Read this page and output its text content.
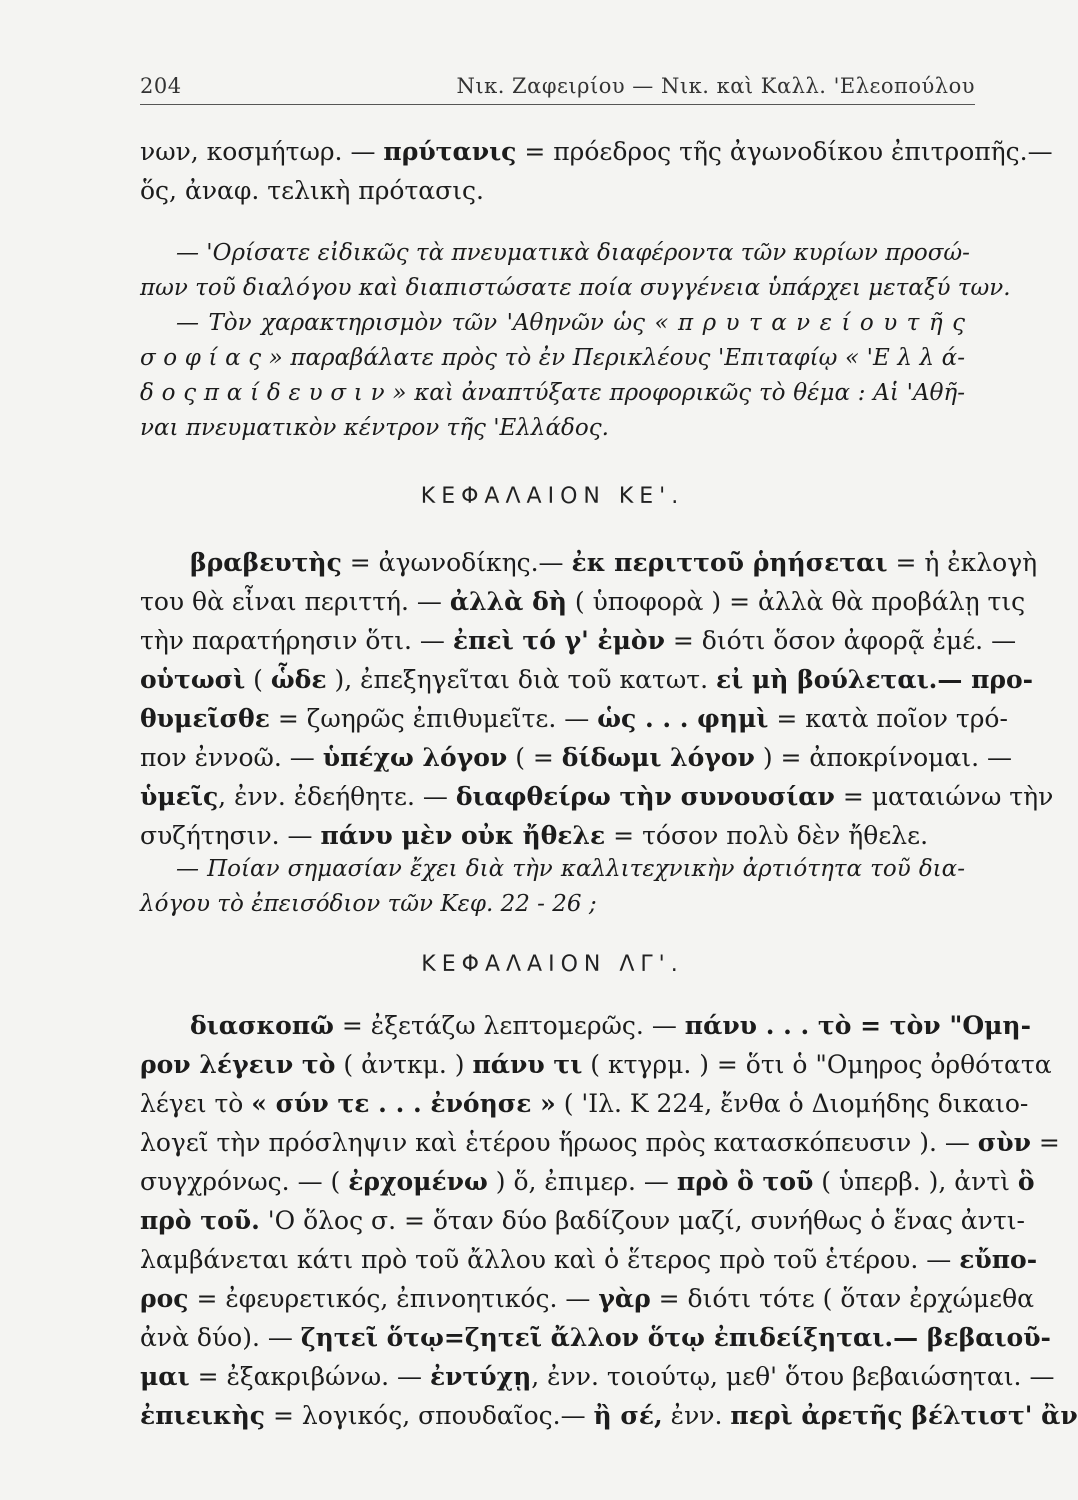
204	Νικ. Ζαφειρίου — Νικ. καὶ Καλλ. 'Ελεοπούλου
νων, κοσμήτωρ. — πρύτανις = πρόεδρος τῆς ἀγωνοδίκου ἐπιτροπῆς.—
ὅς, ἀναφ. τελικὴ πρότασις.
— 'Ορίσατε εἰδικῶς τὰ πνευματικὰ διαφέροντα τῶν κυρίων προσώ-
πων τοῦ διαλόγου καὶ διαπιστώσατε ποία συγγένεια ὑπάρχει μεταξύ των.
— Τὸν χαρακτηρισμὸν τῶν 'Αθηνῶν ὡς « π ρ υ τ α ν ε ί ο υ τ ῆ ς
σ ο φ ί α ς » παραβάλατε πρὸς τὸ ἐν Περικλέους 'Επιταφίῳ « 'Ε λ λ ά-
δ ο ς π α ί δ ε υ σ ι ν » καὶ ἀναπτύξατε προφορικῶς τὸ θέμα : Αἱ 'Αθῆ-
ναι πνευματικὸν κέντρον τῆς 'Ελλάδος.
ΚΕΦΑΛΑΙΟΝ ΚΕ'.
βραβευτὴς = ἀγωνοδίκης.— ἐκ περιττοῦ ῥηήσεται = ἡ ἐκλογὴ
του θὰ εἶναι περιττή. — ἀλλὰ δὴ ( ὑποφορὰ ) = ἀλλὰ θὰ προβάλῃ τις
τὴν παρατήρησιν ὅτι. — ἐπεὶ τό γ' ἐμὸν = διότι ὅσον ἀφορᾷ ἐμέ. —
οὑτωσὶ ( ὧδε ), ἐπεξηγεῖται διὰ τοῦ κατωτ. εἰ μὴ βούλεται.— προ-
θυμεῖσθε = ζωηρῶς ἐπιθυμεῖτε. — ὡς . . . φημὶ = κατὰ ποῖον τρό-
πον ἐννοῶ. — ὑπέχω λόγον ( = δίδωμι λόγον ) = ἀποκρίνομαι. —
ὑμεῖς, ἐνν. ἐδεήθητε. — διαφθείρω τὴν συνουσίαν = ματαιώνω τὴν
συζήτησιν. — πάνυ μὲν οὐκ ἤθελε = τόσον πολὺ δὲν ἤθελε.
— Ποίαν σημασίαν ἔχει διὰ τὴν καλλιτεχνικὴν ἀρτιότητα τοῦ δια-
λόγου τὸ ἐπεισόδιον τῶν Κεφ. 22 - 26 ;
ΚΕΦΑΛΑΙΟΝ ΛΓ'.
διασκοπῶ = ἐξετάζω λεπτομερῶς. — πάνυ . . . τὸ = τὸν "Ομη-
ρον λέγειν τὸ ( ἀντκμ. ) πάνυ τι ( κτγρμ. ) = ὅτι ὁ "Ομηρος ὀρθότατα
λέγει τὸ « σύν τε . . . ἐνόησε » ( 'Ιλ. Κ 224, ἔνθα ὁ Διομήδης δικαιο-
λογεῖ τὴν πρόσληψιν καὶ ἑτέρου ἥρωος πρὸς κατασκόπευσιν ). — σὺν =
συγχρόνως. — ( ἐρχομένω ) ὅ, ἐπιμερ. — πρὸ ὃ τοῦ ( ὑπερβ. ), ἀντὶ ὃ
πρὸ τοῦ. 'Ο ὅλος σ. = ὅταν δύο βαδίζουν μαζί, συνήθως ὁ ἕνας ἀντι-
λαμβάνεται κάτι πρὸ τοῦ ἄλλου καὶ ὁ ἕτερος πρὸ τοῦ ἑτέρου. — εὔπο-
ρος = ἐφευρετικός, ἐπινοητικός. — γὰρ = διότι τότε ( ὅταν ἐρχώμεθα
ἀνὰ δύο). — ζητεῖ ὅτῳ=ζητεῖ ἄλλον ὅτῳ ἐπιδείξηται.— βεβαιοῦ-
μαι = ἐξακριβώνω. — ἐντύχῃ, ἐνν. τοιούτῳ, μεθ' ὅτου βεβαιώσηται. —
ἐπιεικὴς = λογικός, σπουδαῖος.— ἢ σέ, ἐνν. περὶ ἀρετῆς βέλτιστ' ἂν
